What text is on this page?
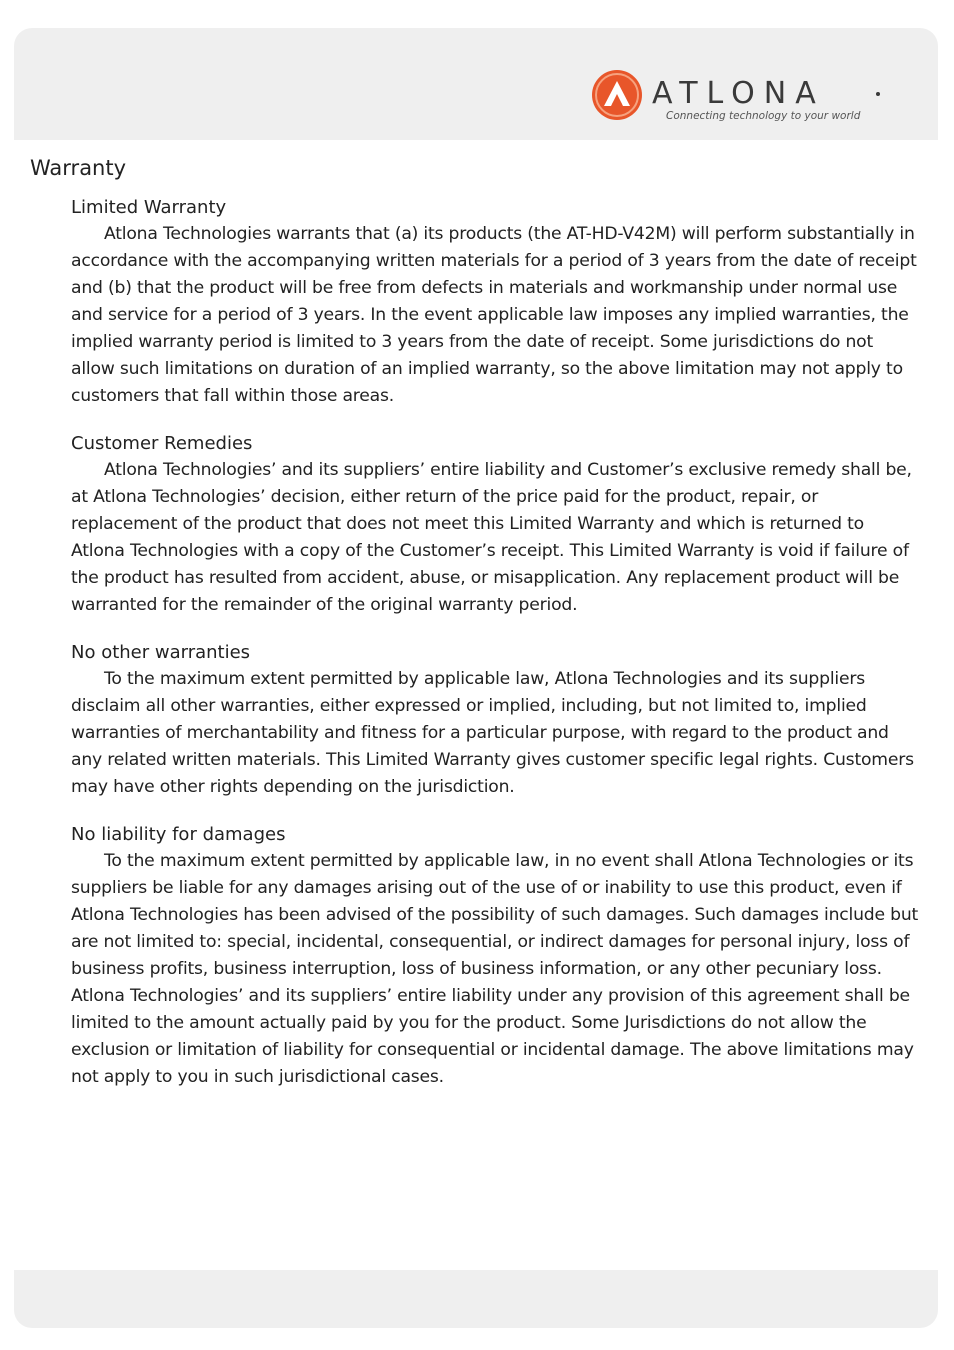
ATLONA
Connecting technology to your world
Warranty
Limited Warranty

Atlona Technologies warrants that (a) its products (the AT-HD-V42M) will perform substantially in accordance with the accompanying written materials for a period of 3 years from the date of receipt and (b) that the product will be free from defects in materials and workmanship under normal use and service for a period of 3 years. In the event applicable law imposes any implied warranties, the implied warranty period is limited to 3 years from the date of receipt. Some jurisdictions do not allow such limitations on duration of an implied warranty, so the above limitation may not apply to customers that fall within those areas.

Customer Remedies

Atlona Technologies’ and its suppliers’ entire liability and Customer’s exclusive remedy shall be, at Atlona Technologies’ decision, either return of the price paid for the product, repair, or replacement of the product that does not meet this Limited Warranty and which is returned to Atlona Technologies with a copy of the Customer’s receipt. This Limited Warranty is void if failure of the product has resulted from accident, abuse, or misapplication. Any replacement product will be warranted for the remainder of the original warranty period.

No other warranties

To the maximum extent permitted by applicable law, Atlona Technologies and its suppliers disclaim all other warranties, either expressed or implied, including, but not limited to, implied warranties of merchantability and fitness for a particular purpose, with regard to the product and any related written materials. This Limited Warranty gives customer specific legal rights. Customers may have other rights depending on the jurisdiction.

No liability for damages

To the maximum extent permitted by applicable law, in no event shall Atlona Technologies or its suppliers be liable for any damages arising out of the use of or inability to use this product, even if Atlona Technologies has been advised of the possibility of such damages. Such damages include but are not limited to: special, incidental, consequential, or indirect damages for personal injury, loss of business profits, business interruption, loss of business information, or any other pecuniary loss. Atlona Technologies’ and its suppliers’ entire liability under any provision of this agreement shall be limited to the amount actually paid by you for the product. Some Jurisdictions do not allow the exclusion or limitation of liability for consequential or incidental damage. The above limitations may not apply to you in such jurisdictional cases.
